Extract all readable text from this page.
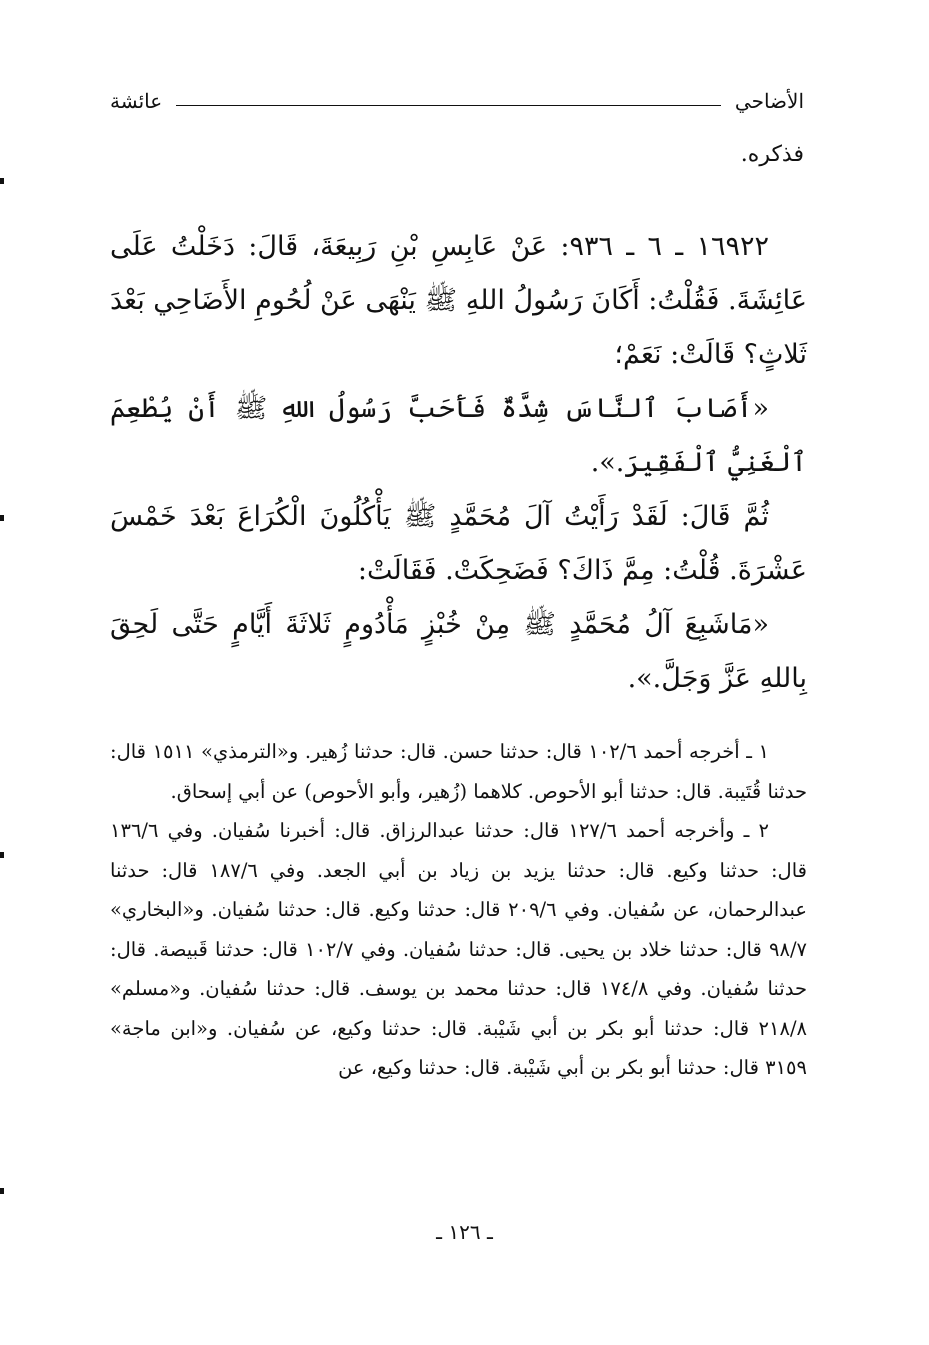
الأضاحي
عائشة
فذكره.

١٦٩٢٢ ـ ٦ ـ ٩٣٦: عَنْ عَابِسِ بْنِ رَبِيعَةَ، قَالَ: دَخَلْتُ عَلَى عَائِشَةَ. فَقُلْتُ: أَكَانَ رَسُولُ اللهِ ﷺ يَنْهَى عَنْ لُحُومِ الأَضَاحِي بَعْدَ ثَلاثٍ؟ قَالَتْ: نَعَمْ؛

«أَصَابَ ٱلنَّاسَ شِدَّةٌ فَأَحَبَّ رَسُولُ اللهِ ﷺ أَنْ يُطْعِمَ ٱلْغَنِيُّ ٱلْفَقِيرَ.».

ثُمَّ قَالَ: لَقَدْ رَأَيْتُ آلَ مُحَمَّدٍ ﷺ يَأْكُلُونَ الْكُرَاعَ بَعْدَ خَمْسَ عَشْرَةَ. قُلْتُ: مِمَّ ذَاكَ؟ فَضَحِكَتْ. فَقَالَتْ:

«مَاشَبِعَ آلُ مُحَمَّدٍ ﷺ مِنْ خُبْزٍ مَأْدُومٍ ثَلاثَةَ أَيَّامٍ حَتَّى لَحِقَ بِاللهِ عَزَّ وَجَلَّ.».

١ ـ أخرجه أحمد ١٠٢/٦ قال: حدثنا حسن. قال: حدثنا زُهير. و«الترمذي» ١٥١١ قال: حدثنا قُتَيبة. قال: حدثنا أبو الأحوص. كلاهما (زُهير، وأبو الأحوص) عن أبي إسحاق.

٢ ـ وأخرجه أحمد ١٢٧/٦ قال: حدثنا عبدالرزاق. قال: أخبرنا سُفيان. وفي ١٣٦/٦ قال: حدثنا وكيع. قال: حدثنا يزيد بن زياد بن أبي الجعد. وفي ١٨٧/٦ قال: حدثنا عبدالرحمان، عن سُفيان. وفي ٢٠٩/٦ قال: حدثنا وكيع. قال: حدثنا سُفيان. و«البخاري» ٩٨/٧ قال: حدثنا خلاد بن يحيى. قال: حدثنا سُفيان. وفي ١٠٢/٧ قال: حدثنا قَبيصة. قال: حدثنا سُفيان. وفي ١٧٤/٨ قال: حدثنا محمد بن يوسف. قال: حدثنا سُفيان. و«مسلم» ٢١٨/٨ قال: حدثنا أبو بكر بن أبي شَيْبة. قال: حدثنا وكيع، عن سُفيان. و«ابن ماجة» ٣١٥٩ قال: حدثنا أبو بكر بن أبي شَيْبة. قال: حدثنا وكيع، عن

ـ ١٢٦ ـ
